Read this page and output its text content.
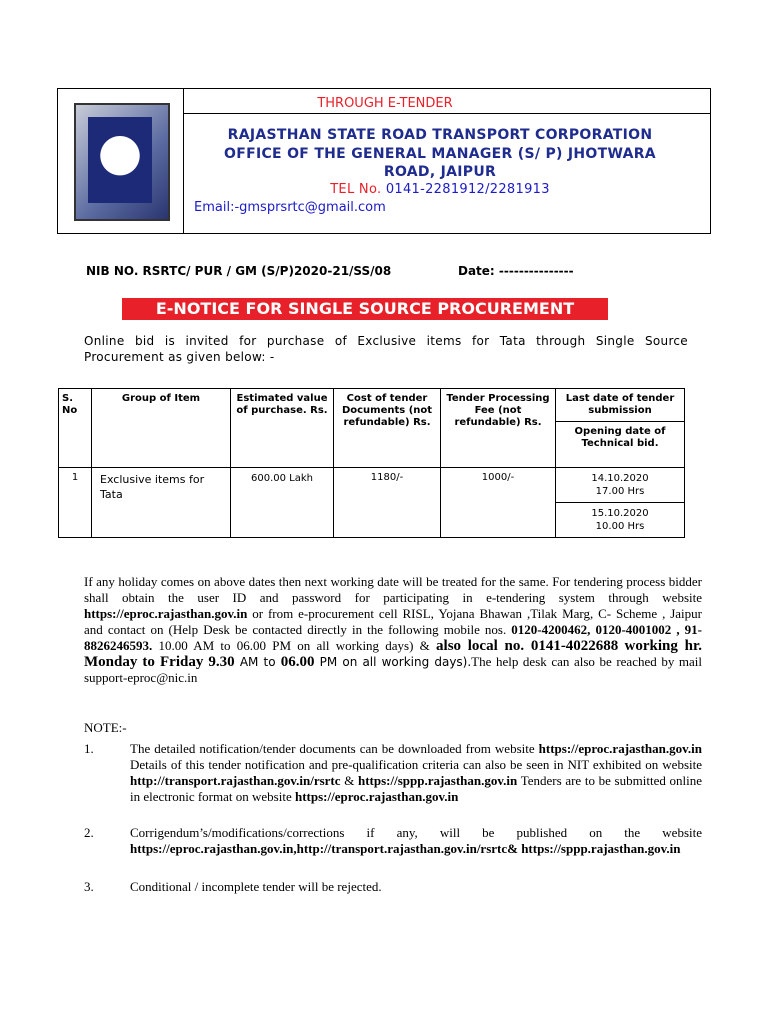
THROUGH E-TENDER
RAJASTHAN STATE ROAD TRANSPORT CORPORATION
OFFICE OF THE GENERAL MANAGER (S/ P) JHOTWARA
ROAD, JAIPUR
TEL No. 0141-2281912/2281913
Email:-gmsprsrtc@gmail.com
NIB NO. RSRTC/ PUR / GM (S/P)2020-21/SS/08	Date: ---------------
E-NOTICE FOR SINGLE SOURCE PROCUREMENT
Online bid is invited for purchase of Exclusive items for Tata through Single Source Procurement as given below: -
S. No	Group of Item	Estimated value of purchase. Rs.	Cost of tender Documents (not refundable) Rs.	Tender Processing Fee (not refundable) Rs.	Last date of tender submission
					Opening date of Technical bid.
1	Exclusive items for Tata	600.00 Lakh	1180/-	1000/-	14.10.2020
17.00 Hrs

					15.10.2020
10.00 Hrs
If any holiday comes on above dates then next working date will be treated for the same. For tendering process bidder shall obtain the user ID and password for participating in e-tendering system through website https://eproc.rajasthan.gov.in or from e-procurement cell RISL, Yojana Bhawan ,Tilak Marg, C- Scheme , Jaipur and contact on (Help Desk be contacted directly in the following mobile nos. 0120-4200462, 0120-4001002 , 91-8826246593. 10.00 AM to 06.00 PM on all working days) & also local no. 0141-4022688 working hr. Monday to Friday 9.30 AM to 06.00 PM on all working days).The help desk can also be reached by mail support-eproc@nic.in
NOTE:-
1.	The detailed notification/tender documents can be downloaded from website https://eproc.rajasthan.gov.in Details of this tender notification and pre-qualification criteria can also be seen in NIT exhibited on website http://transport.rajasthan.gov.in/rsrtc & https://sppp.rajasthan.gov.in Tenders are to be submitted online in electronic format on website https://eproc.rajasthan.gov.in
2.	Corrigendum’s/modifications/corrections if any, will be published on the website https://eproc.rajasthan.gov.in,http://transport.rajasthan.gov.in/rsrtc& https://sppp.rajasthan.gov.in
3.	Conditional / incomplete tender will be rejected.
